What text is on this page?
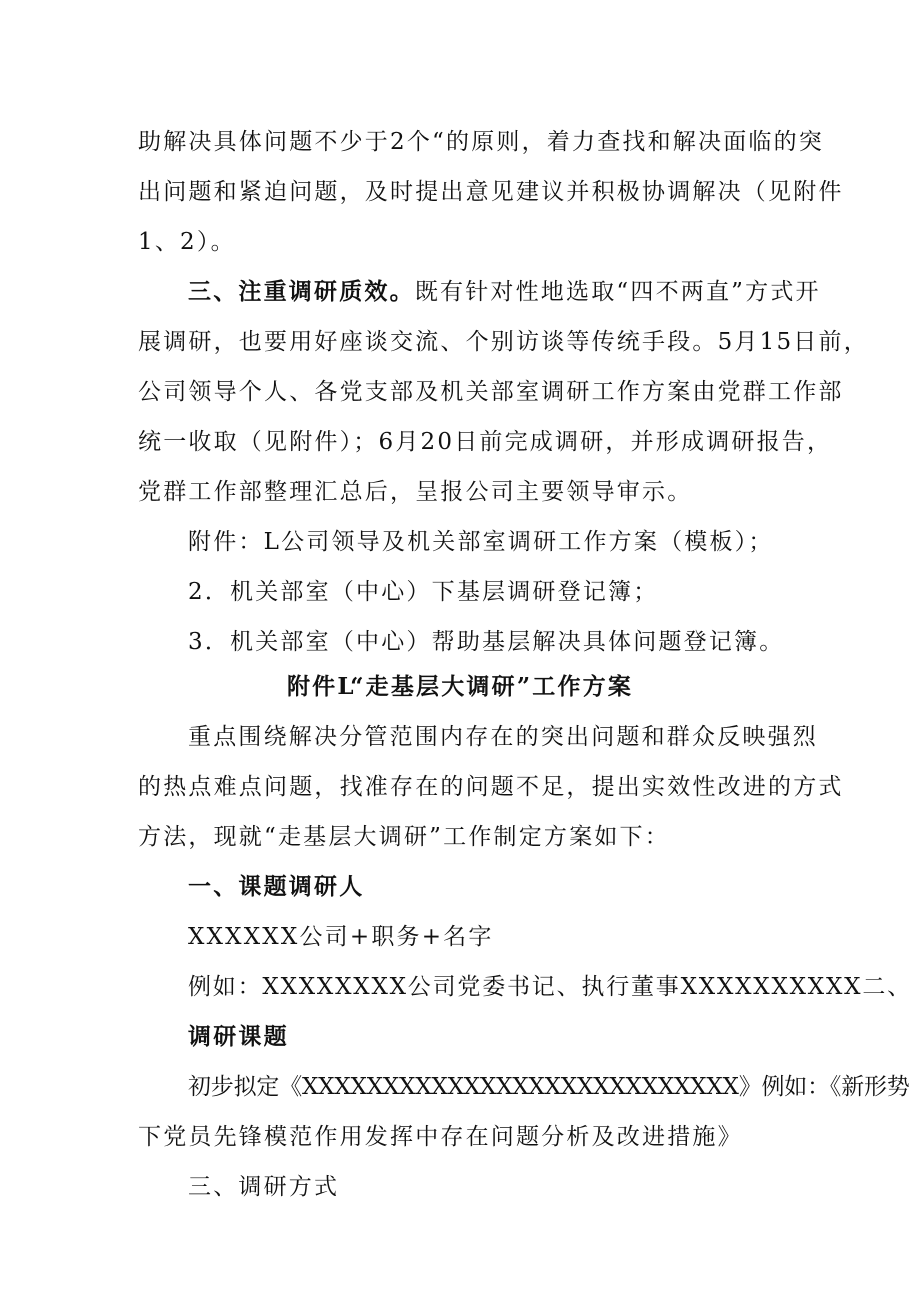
助解决具体问题不少于2个“的原则，着力查找和解决面临的突
出问题和紧迫问题，及时提出意见建议并积极协调解决（见附件
1、2）。
三、注重调研质效。既有针对性地选取“四不两直”方式开
展调研，也要用好座谈交流、个别访谈等传统手段。5月15日前，
公司领导个人、各党支部及机关部室调研工作方案由党群工作部
统一收取（见附件）；6月20日前完成调研，并形成调研报告，
党群工作部整理汇总后，呈报公司主要领导审示。
附件：L公司领导及机关部室调研工作方案（模板）；
2．机关部室（中心）下基层调研登记簿；
3．机关部室（中心）帮助基层解决具体问题登记簿。
附件L“走基层大调研”工作方案
重点围绕解决分管范围内存在的突出问题和群众反映强烈
的热点难点问题，找准存在的问题不足，提出实效性改进的方式
方法，现就“走基层大调研”工作制定方案如下：
一、课题调研人
XXXXXX公司+职务+名字
例如：XXXXXXXX公司党委书记、执行董事XXXXXXXXXX二、
调研课题
初步拟定《XXXXXXXXXXXXXXXXXXXXXXXXXXX》例如：《新形势
下党员先锋模范作用发挥中存在问题分析及改进措施》
三、调研方式
